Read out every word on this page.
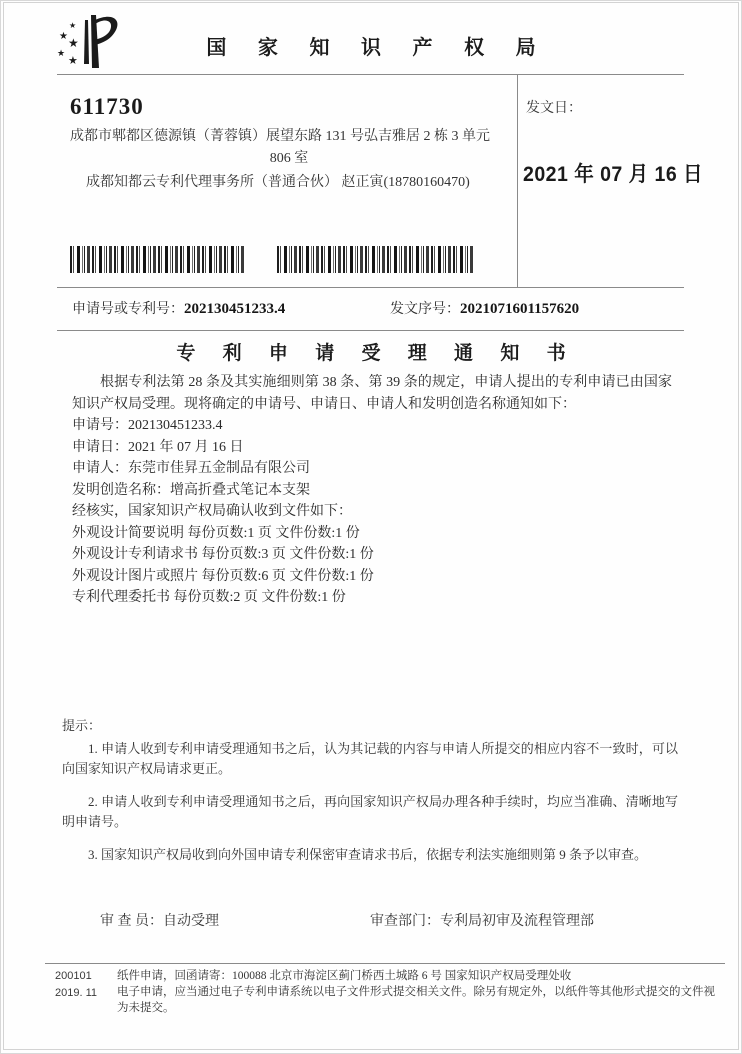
★
★ ★
★
★
国 家 知 识 产 权 局
611730
成都市郫都区德源镇（菁蓉镇）展望东路 131 号弘吉雅居 2 栋 3 单元
806 室
成都知都云专利代理事务所（普通合伙） 赵正寅(18780160470)
发文日：
2021 年 07 月 16 日
申请号或专利号：202130451233.4	发文序号：2021071601157620
专 利 申 请 受 理 通 知 书

根据专利法第 28 条及其实施细则第 38 条、第 39 条的规定，申请人提出的专利申请已由国家知识产权局受理。现将确定的申请号、申请日、申请人和发明创造名称通知如下：

申请号：202130451233.4

申请日：2021 年 07 月 16 日

申请人：东莞市佳昇五金制品有限公司

发明创造名称：增高折叠式笔记本支架

经核实，国家知识产权局确认收到文件如下：

外观设计简要说明 每份页数:1 页 文件份数:1 份

外观设计专利请求书 每份页数:3 页 文件份数:1 份

外观设计图片或照片 每份页数:6 页 文件份数:1 份

专利代理委托书 每份页数:2 页 文件份数:1 份

提示：

1. 申请人收到专利申请受理通知书之后，认为其记载的内容与申请人所提交的相应内容不一致时，可以向国家知识产权局请求更正。

2. 申请人收到专利申请受理通知书之后，再向国家知识产权局办理各种手续时，均应当准确、清晰地写明申请号。

3. 国家知识产权局收到向外国申请专利保密审查请求书后，依据专利法实施细则第 9 条予以审查。

审 查 员：自动受理	审查部门：专利局初审及流程管理部
200101
2019. 11

纸件申请，回函请寄：100088 北京市海淀区蓟门桥西土城路 6 号 国家知识产权局受理处收

电子申请，应当通过电子专利申请系统以电子文件形式提交相关文件。除另有规定外，以纸件等其他形式提交的文件视为未提交。
